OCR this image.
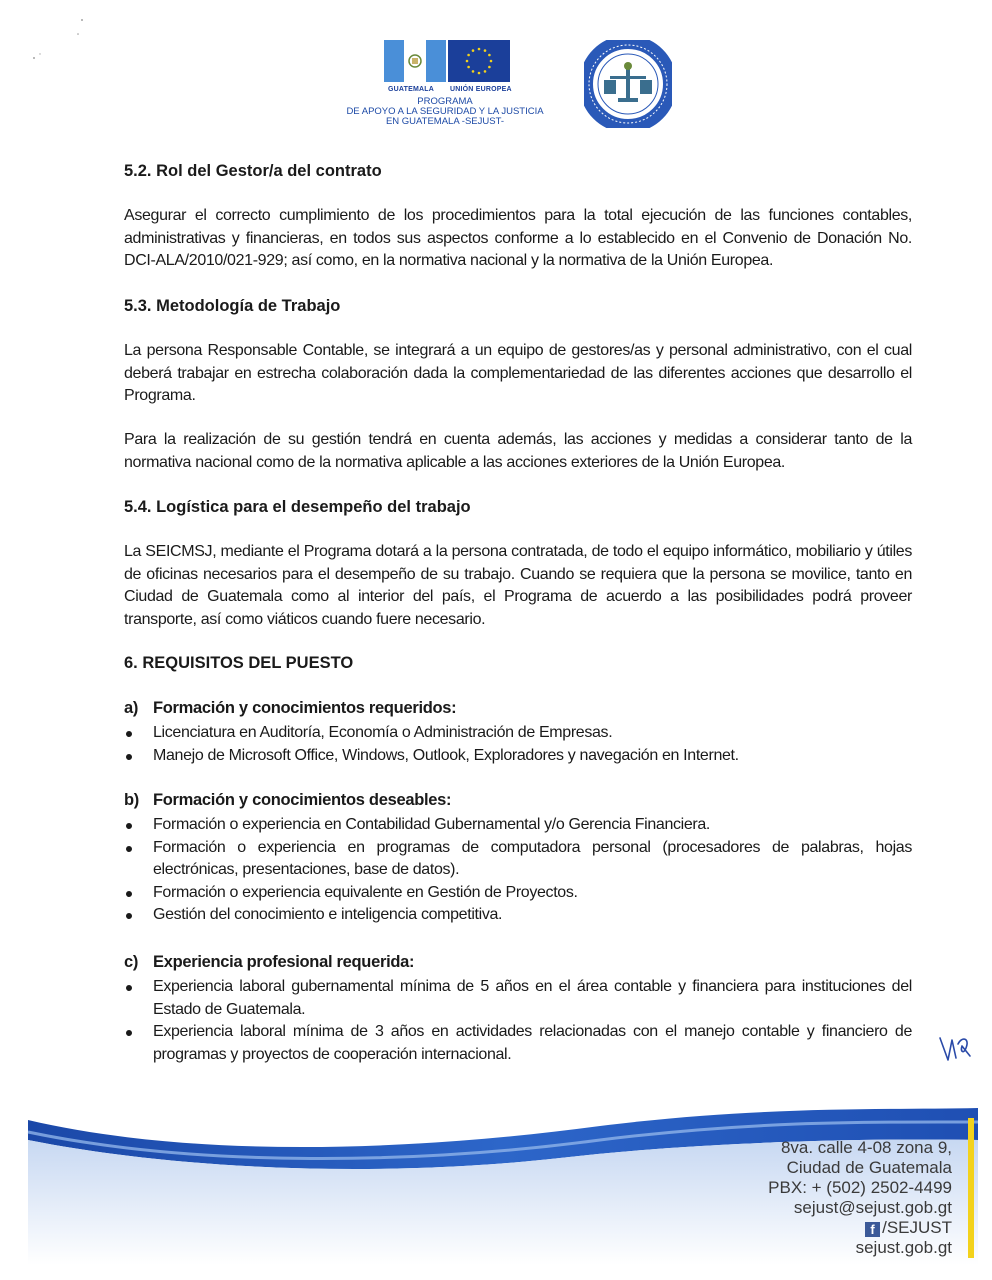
GUATEMALA UNIÓN EUROPEA
PROGRAMA
DE APOYO A LA SEGURIDAD Y LA JUSTICIA
EN GUATEMALA -SEJUST-
5.2. Rol del Gestor/a del contrato

Asegurar el correcto cumplimiento de los procedimientos para la total ejecución de las funciones contables, administrativas y financieras, en todos sus aspectos conforme a lo establecido en el Convenio de Donación No. DCI-ALA/2010/021-929; así como, en la normativa nacional y la normativa de la Unión Europea.

5.3. Metodología de Trabajo

La persona Responsable Contable, se integrará a un equipo de gestores/as y personal administrativo, con el cual deberá trabajar en estrecha colaboración dada la complementariedad de las diferentes acciones que desarrollo el Programa.

Para la realización de su gestión tendrá en cuenta además, las acciones y medidas a considerar tanto de la normativa nacional como de la normativa aplicable a las acciones exteriores de la Unión Europea.

5.4. Logística para el desempeño del trabajo

La SEICMSJ, mediante el Programa dotará a la persona contratada, de todo el equipo informático, mobiliario y útiles de oficinas necesarios para el desempeño de su trabajo. Cuando se requiera que la persona se movilice, tanto en Ciudad de Guatemala como al interior del país, el Programa de acuerdo a las posibilidades podrá proveer transporte, así como viáticos cuando fuere necesario.

6. REQUISITOS DEL PUESTO
a) Formación y conocimientos requeridos:
Licenciatura en Auditoría, Economía o Administración de Empresas.
Manejo de Microsoft Office, Windows, Outlook, Exploradores y navegación en Internet.
b) Formación y conocimientos deseables:
Formación o experiencia en Contabilidad Gubernamental y/o Gerencia Financiera.
Formación o experiencia en programas de computadora personal (procesadores de palabras, hojas electrónicas, presentaciones, base de datos).
Formación o experiencia equivalente en Gestión de Proyectos.
Gestión del conocimiento e inteligencia competitiva.
c) Experiencia profesional requerida:
Experiencia laboral gubernamental mínima de 5 años en el área contable y financiera para instituciones del Estado de Guatemala.
Experiencia laboral mínima de 3 años en actividades relacionadas con el manejo contable y financiero de programas y proyectos de cooperación internacional.
8va. calle 4-08 zona 9,
Ciudad de Guatemala
PBX: + (502) 2502-4499
sejust@sejust.gob.gt
f /SEJUST
sejust.gob.gt
